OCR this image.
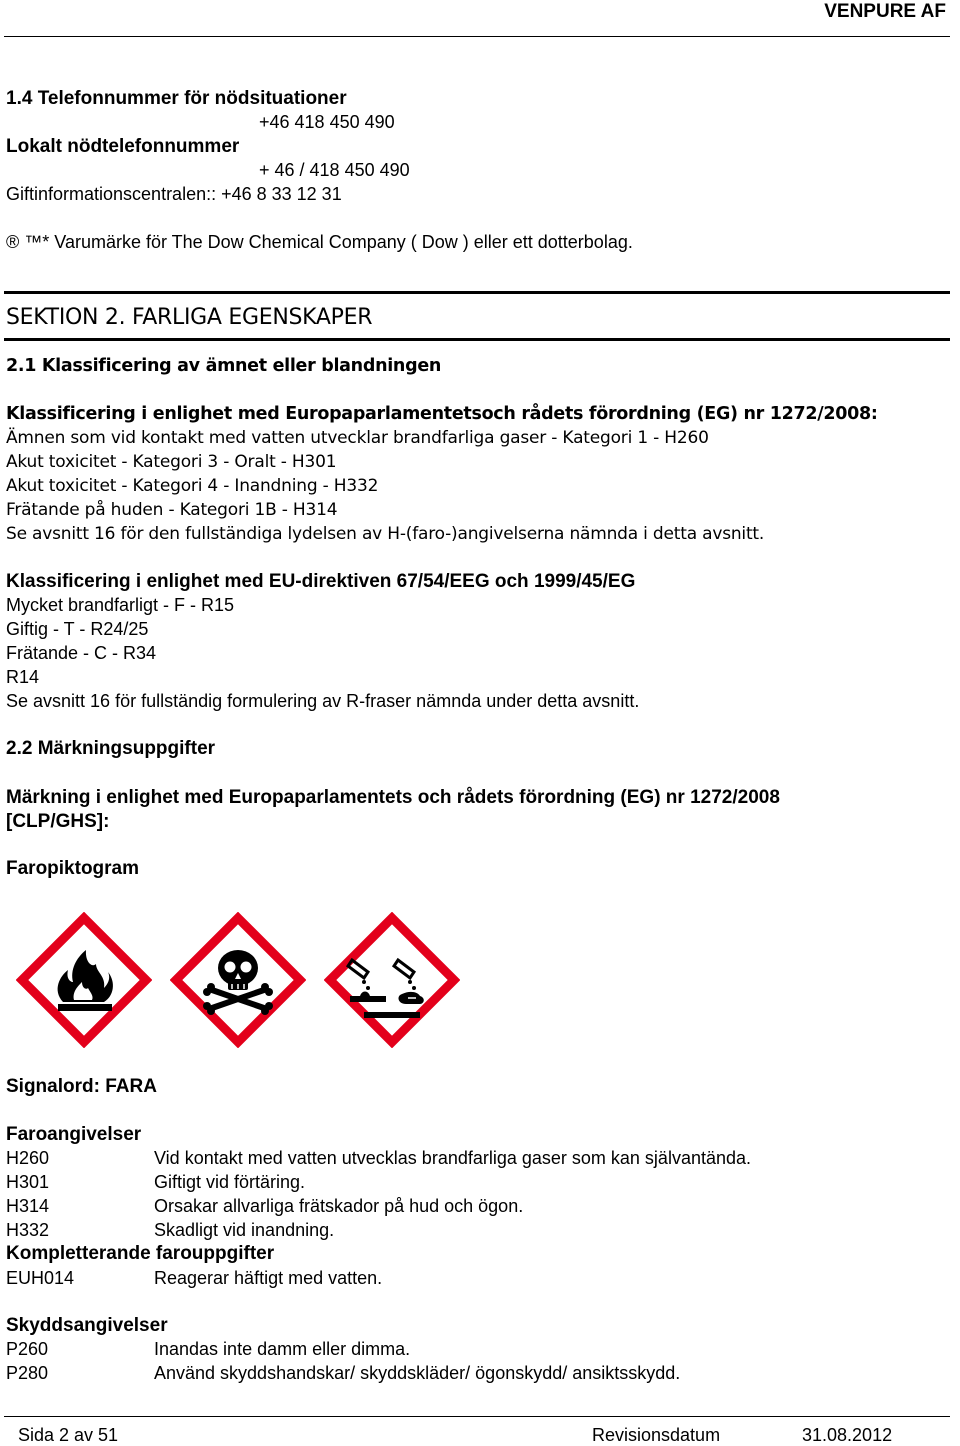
VENPURE AF
1.4 Telefonnummer för nödsituationer
+46 418 450 490
Lokalt nödtelefonnummer
+ 46 / 418 450 490
Giftinformationscentralen:: +46 8 33 12 31
® ™* Varumärke för The Dow Chemical Company ( Dow ) eller ett dotterbolag.
SEKTION 2. FARLIGA EGENSKAPER
2.1 Klassificering av ämnet eller blandningen
Klassificering i enlighet med Europaparlamentetsoch rådets förordning (EG) nr 1272/2008:
Ämnen som vid kontakt med vatten utvecklar brandfarliga gaser - Kategori 1 - H260
Akut toxicitet - Kategori 3 - Oralt - H301
Akut toxicitet - Kategori 4 - Inandning - H332
Frätande på huden - Kategori 1B - H314
Se avsnitt 16 för den fullständiga lydelsen av H-(faro-)angivelserna nämnda i detta avsnitt.
Klassificering i enlighet med EU-direktiven 67/54/EEG och 1999/45/EG
Mycket brandfarligt - F - R15
Giftig - T - R24/25
Frätande - C - R34
R14
Se avsnitt 16 för fullständig formulering av R-fraser nämnda under detta avsnitt.
2.2 Märkningsuppgifter
Märkning i enlighet med Europaparlamentets och rådets förordning (EG) nr 1272/2008
[CLP/GHS]:
Faropiktogram
Signalord: FARA
Faroangivelser
H260	Vid kontakt med vatten utvecklas brandfarliga gaser som kan självantända.
H301	Giftigt vid förtäring.
H314	Orsakar allvarliga frätskador på hud och ögon.
H332	Skadligt vid inandning.
Kompletterande farouppgifter
EUH014	Reagerar häftigt med vatten.
Skyddsangivelser
P260	Inandas inte damm eller dimma.
P280	Använd skyddshandskar/ skyddskläder/ ögonskydd/ ansiktsskydd.
Sida 2 av 51	Revisionsdatum	31.08.2012
